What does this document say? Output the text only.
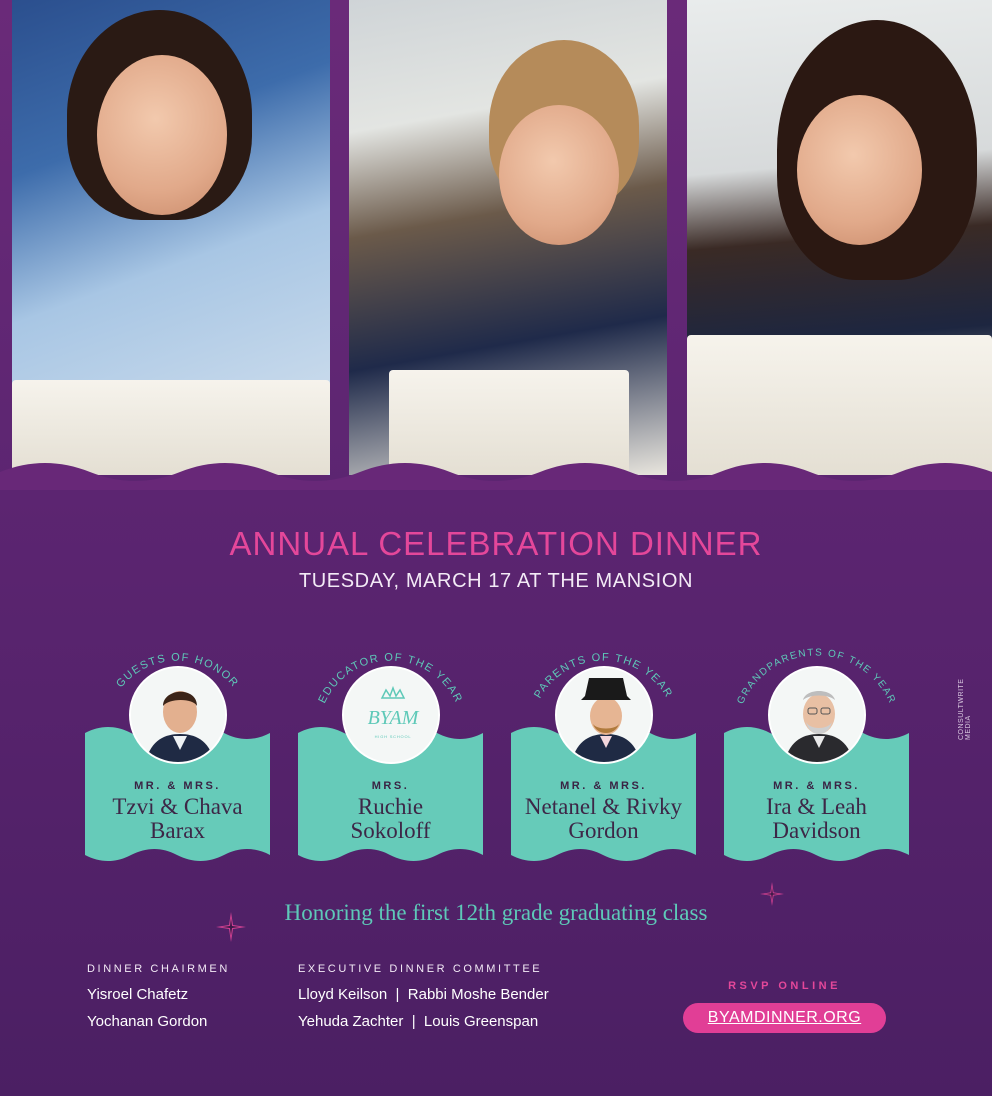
CONSULTWRITE MEDIA
ANNUAL CELEBRATION DINNER
TUESDAY, MARCH 17 AT THE MANSION
GUESTS OF HONOR
MR. & MRS.
Tzvi & Chava
Barax
EDUCATOR OF THE YEAR
BYAM
HIGH SCHOOL
MRS.
Ruchie
Sokoloff
PARENTS OF THE YEAR
MR. & MRS.
Netanel & Rivky
Gordon
GRANDPARENTS OF THE YEAR
MR. & MRS.
Ira & Leah
Davidson
Honoring the first 12th grade graduating class
DINNER CHAIRMEN
Yisroel Chafetz
Yochanan Gordon
EXECUTIVE DINNER COMMITTEE
Lloyd Keilson  |  Rabbi Moshe Bender
Yehuda Zachter  |  Louis Greenspan
RSVP ONLINE
BYAMDINNER.ORG
